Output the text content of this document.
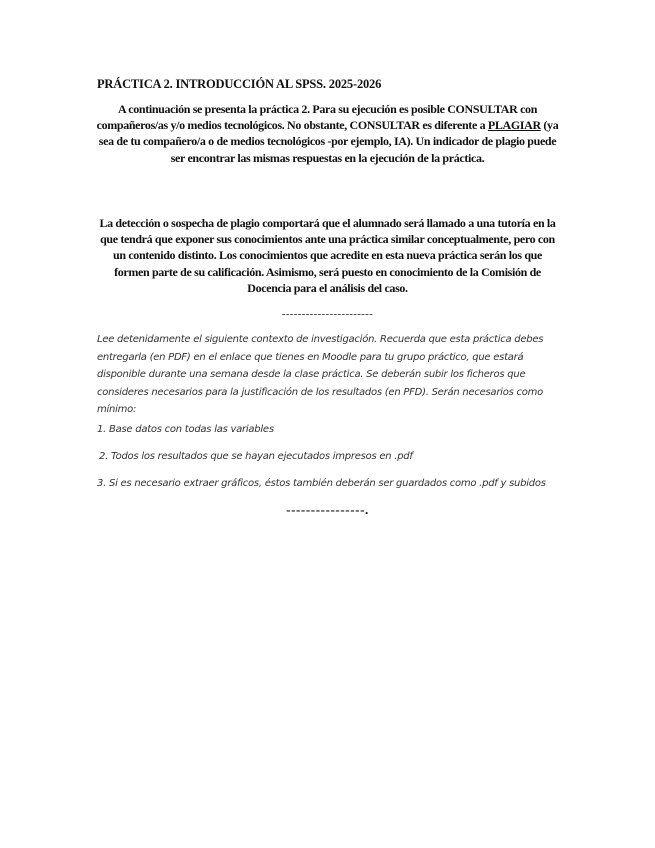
PRÁCTICA 2. INTRODUCCIÓN AL SPSS. 2025-2026
A continuación se presenta la práctica 2. Para su ejecución es posible CONSULTAR con compañeros/as y/o medios tecnológicos. No obstante, CONSULTAR es diferente a PLAGIAR (ya sea de tu compañero/a o de medios tecnológicos -por ejemplo, IA). Un indicador de plagio puede ser encontrar las mismas respuestas en la ejecución de la práctica.
La detección o sospecha de plagio comportará que el alumnado será llamado a una tutoría en la que tendrá que exponer sus conocimientos ante una práctica similar conceptualmente, pero con un contenido distinto. Los conocimientos que acredite en esta nueva práctica serán los que formen parte de su calificación. Asimismo, será puesto en conocimiento de la Comisión de Docencia para el análisis del caso.
-----------------------
Lee detenidamente el siguiente contexto de investigación. Recuerda que esta práctica debes entregarla (en PDF) en el enlace que tienes en Moodle para tu grupo práctico, que estará disponible durante una semana desde la clase práctica. Se deberán subir los ficheros que consideres necesarios para la justificación de los resultados (en PFD). Serán necesarios como mínimo:
1. Base datos con todas las variables
2. Todos los resultados que se hayan ejecutados impresos en .pdf
3. Si es necesario extraer gráficos, éstos también deberán ser guardados como .pdf y subidos
----------------.
